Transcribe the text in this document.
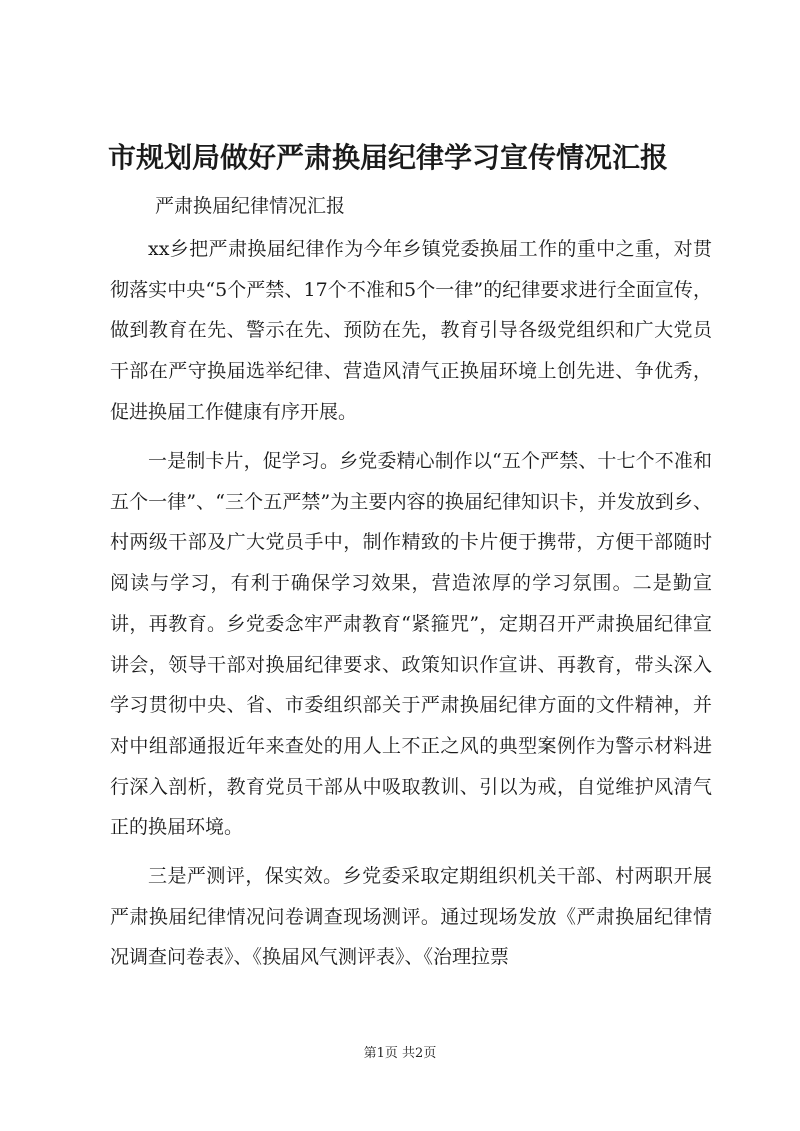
市规划局做好严肃换届纪律学习宣传情况汇报

严肃换届纪律情况汇报

xx乡把严肃换届纪律作为今年乡镇党委换届工作的重中之重，对贯彻落实中央“5个严禁、17个不准和5个一律”的纪律要求进行全面宣传，做到教育在先、警示在先、预防在先，教育引导各级党组织和广大党员干部在严守换届选举纪律、营造风清气正换届环境上创先进、争优秀，促进换届工作健康有序开展。

一是制卡片，促学习。乡党委精心制作以“五个严禁、十七个不准和五个一律”、“三个五严禁”为主要内容的换届纪律知识卡，并发放到乡、村两级干部及广大党员手中，制作精致的卡片便于携带，方便干部随时阅读与学习，有利于确保学习效果，营造浓厚的学习氛围。二是勤宣讲，再教育。乡党委念牢严肃教育“紧箍咒”，定期召开严肃换届纪律宣讲会，领导干部对换届纪律要求、政策知识作宣讲、再教育，带头深入学习贯彻中央、省、市委组织部关于严肃换届纪律方面的文件精神，并对中组部通报近年来查处的用人上不正之风的典型案例作为警示材料进行深入剖析，教育党员干部从中吸取教训、引以为戒，自觉维护风清气正的换届环境。

三是严测评，保实效。乡党委采取定期组织机关干部、村两职开展严肃换届纪律情况问卷调查现场测评。通过现场发放《严肃换届纪律情况调查问卷表》、《换届风气测评表》、《治理拉票

第1页 共2页
